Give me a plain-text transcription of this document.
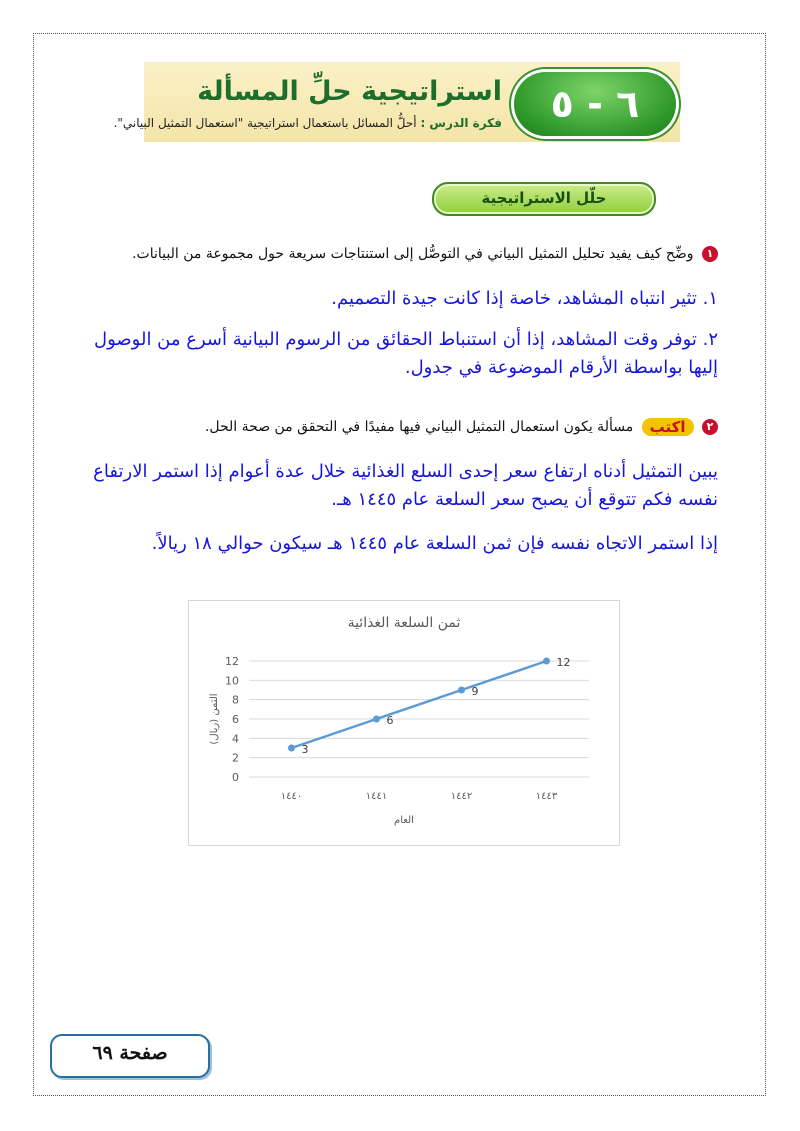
٦ - ٥
استراتيجية حلِّ المسألة
فكرة الدرس : أحلُّ المسائل باستعمال استراتيجية "استعمال التمثيل البياني".
حلّل الاستراتيجية
١ وضِّح كيف يفيد تحليل التمثيل البياني في التوصُّل إلى استنتاجات سريعة حول مجموعة من البيانات.
١. تثير انتباه المشاهد، خاصة إذا كانت جيدة التصميم.
٢. توفر وقت المشاهد، إذا أن استنباط الحقائق من الرسوم البيانية أسرع من الوصول إليها بواسطة الأرقام الموضوعة في جدول.
٢ اكتب مسألة يكون استعمال التمثيل البياني فيها مفيدًا في التحقق من صحة الحل.
يبين التمثيل أدناه ارتفاع سعر إحدى السلع الغذائية خلال عدة أعوام إذا استمر الارتفاع نفسه فكم تتوقع أن يصبح سعر السلعة عام ١٤٤٥ هـ.
إذا استمر الاتجاه نفسه فإن ثمن السلعة عام ١٤٤٥ هـ سيكون حوالي ١٨ ريالاً.
ثمن السلعة الغذائية
0
2
4
6
8
10
12
١٤٤٠	١٤٤١	١٤٤٢	١٤٤٣
العام
الثمن (ريال)
3
6
9
12
صفحة ٦٩
